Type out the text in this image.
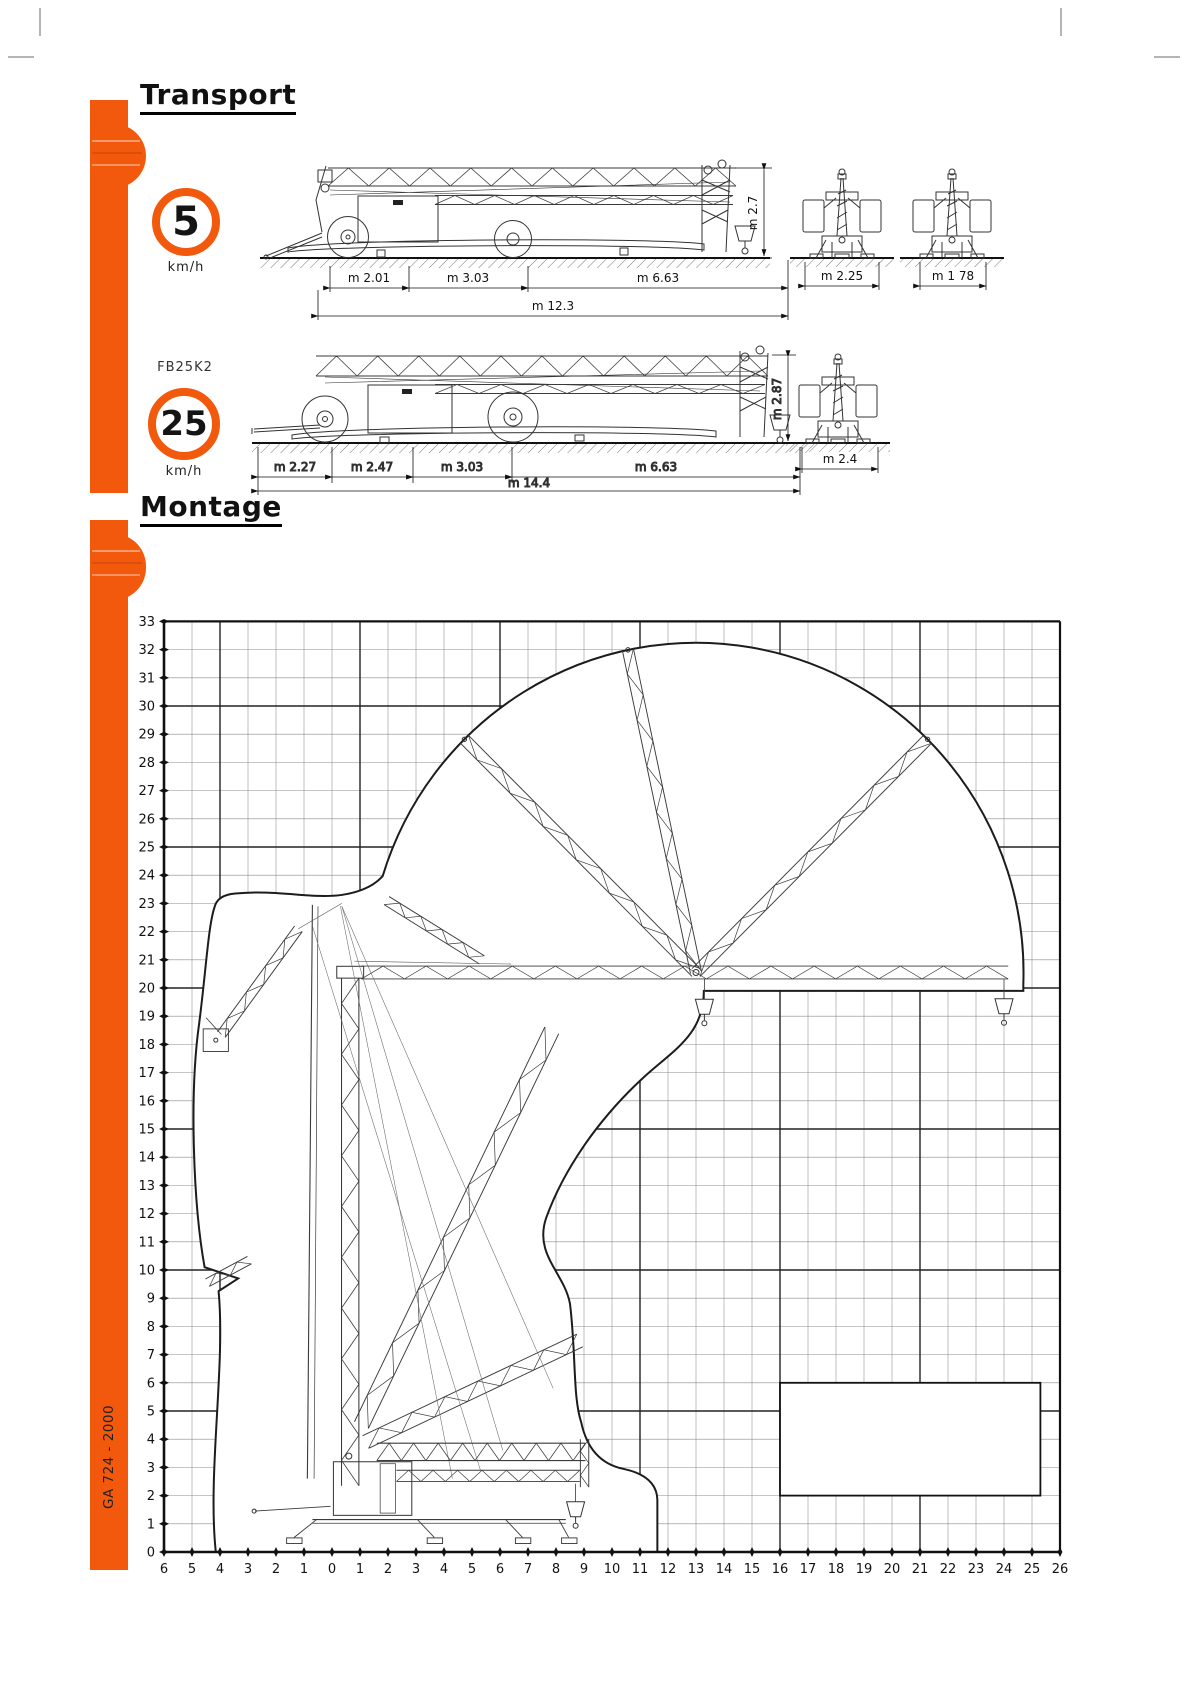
Transport
Montage
5
km/h
FB25K2
25
km/h
m 2.01	m 3.03	m 6.63
m 12.3
m 2.7
m 2.25	m 1 78
m 2.27	m 2.47	m 3.03	m 6.63
m 14.4
m 2.87
m 2.4
0
1
2
3
4
5
6
7
8
9
10
11
12
13
14
15
16
17
18
19
20
21
22
23
24
25
26
27
28
29
30
31
32
33
6 5 4 3 2 1 0 1 2 3 4 5 6 7 8 9 10 11 12 13 14 15 16 17 18 19 20 21 22 23 24 25 26
GA 724 - 2000
